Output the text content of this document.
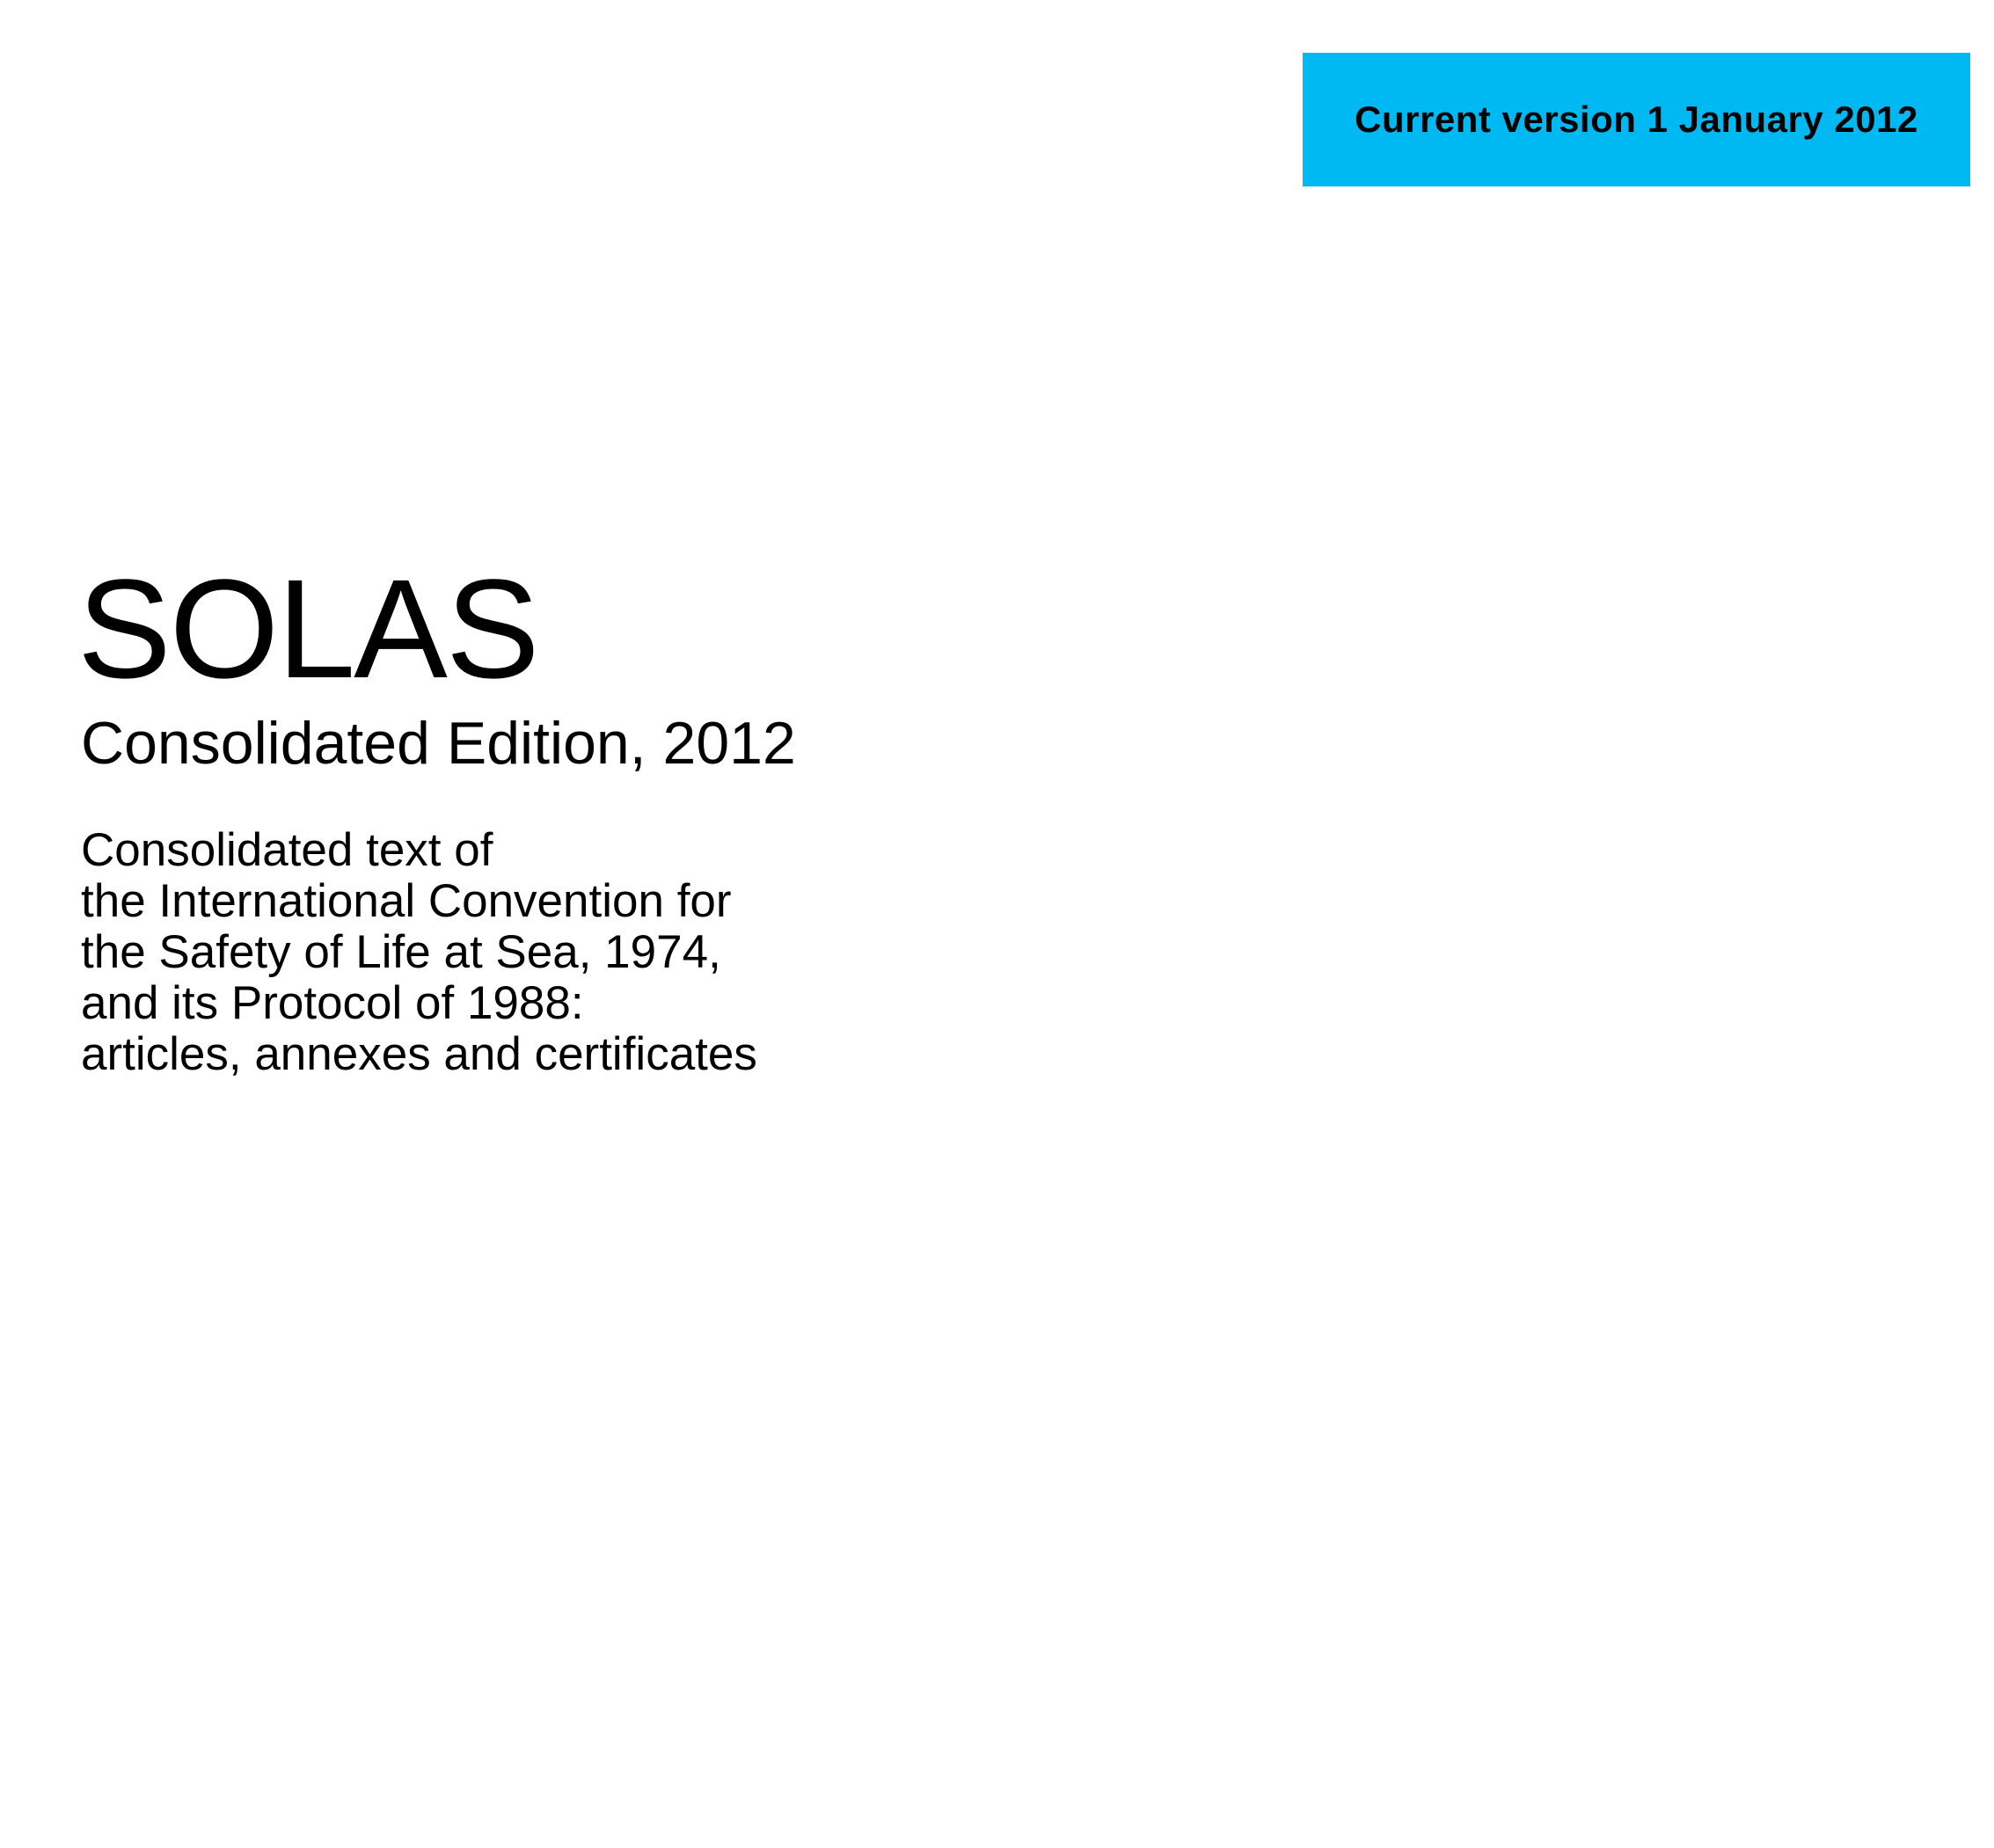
Current version 1 January 2012
SOLAS
Consolidated Edition, 2012
Consolidated text of
the International Convention for
the Safety of Life at Sea, 1974,
and its Protocol of 1988:
articles, annexes and certificates
